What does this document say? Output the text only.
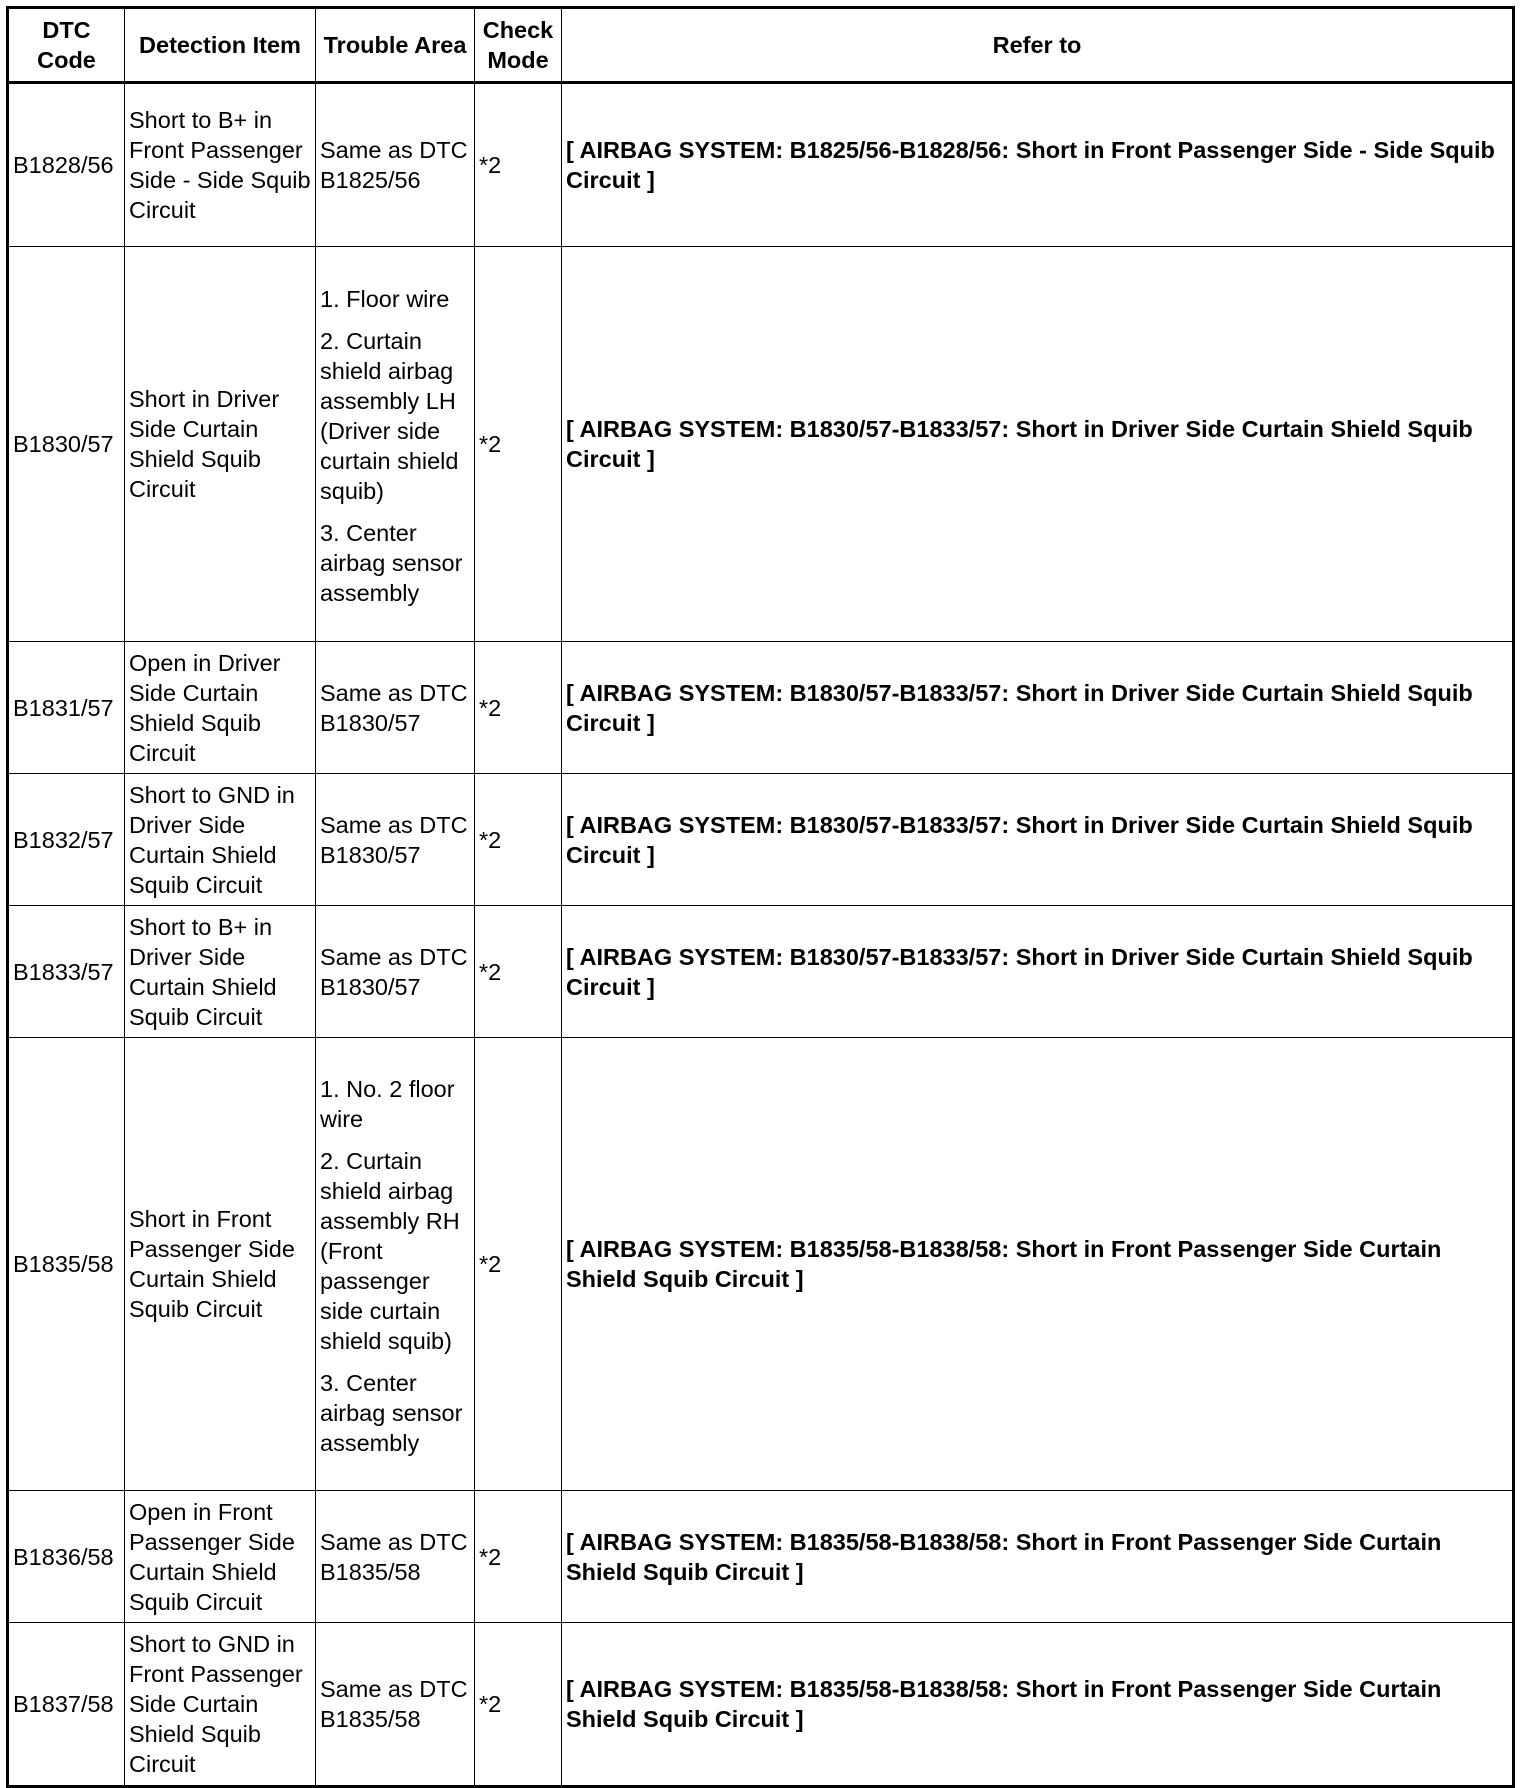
DTC Code	Detection Item	Trouble Area	Check Mode	Refer to
B1828/56	Short to B+ in Front Passenger Side - Side Squib Circuit	Same as DTC B1825/56	*2	[ AIRBAG SYSTEM: B1825/56-B1828/56: Short in Front Passenger Side - Side Squib Circuit ]
B1830/57	Short in Driver Side Curtain Shield Squib Circuit	1. Floor wire

2. Curtain shield airbag assembly LH (Driver side curtain shield squib)

3. Center airbag sensor assembly	*2	[ AIRBAG SYSTEM: B1830/57-B1833/57: Short in Driver Side Curtain Shield Squib Circuit ]
B1831/57	Open in Driver Side Curtain Shield Squib Circuit	Same as DTC B1830/57	*2	[ AIRBAG SYSTEM: B1830/57-B1833/57: Short in Driver Side Curtain Shield Squib Circuit ]
B1832/57	Short to GND in Driver Side Curtain Shield Squib Circuit	Same as DTC B1830/57	*2	[ AIRBAG SYSTEM: B1830/57-B1833/57: Short in Driver Side Curtain Shield Squib Circuit ]
B1833/57	Short to B+ in Driver Side Curtain Shield Squib Circuit	Same as DTC B1830/57	*2	[ AIRBAG SYSTEM: B1830/57-B1833/57: Short in Driver Side Curtain Shield Squib Circuit ]
B1835/58	Short in Front Passenger Side Curtain Shield Squib Circuit	1. No. 2 floor wire

2. Curtain shield airbag assembly RH (Front passenger side curtain shield squib)

3. Center airbag sensor assembly	*2	[ AIRBAG SYSTEM: B1835/58-B1838/58: Short in Front Passenger Side Curtain Shield Squib Circuit ]
B1836/58	Open in Front Passenger Side Curtain Shield Squib Circuit	Same as DTC B1835/58	*2	[ AIRBAG SYSTEM: B1835/58-B1838/58: Short in Front Passenger Side Curtain Shield Squib Circuit ]
B1837/58	Short to GND in Front Passenger Side Curtain Shield Squib Circuit	Same as DTC B1835/58	*2	[ AIRBAG SYSTEM: B1835/58-B1838/58: Short in Front Passenger Side Curtain Shield Squib Circuit ]
